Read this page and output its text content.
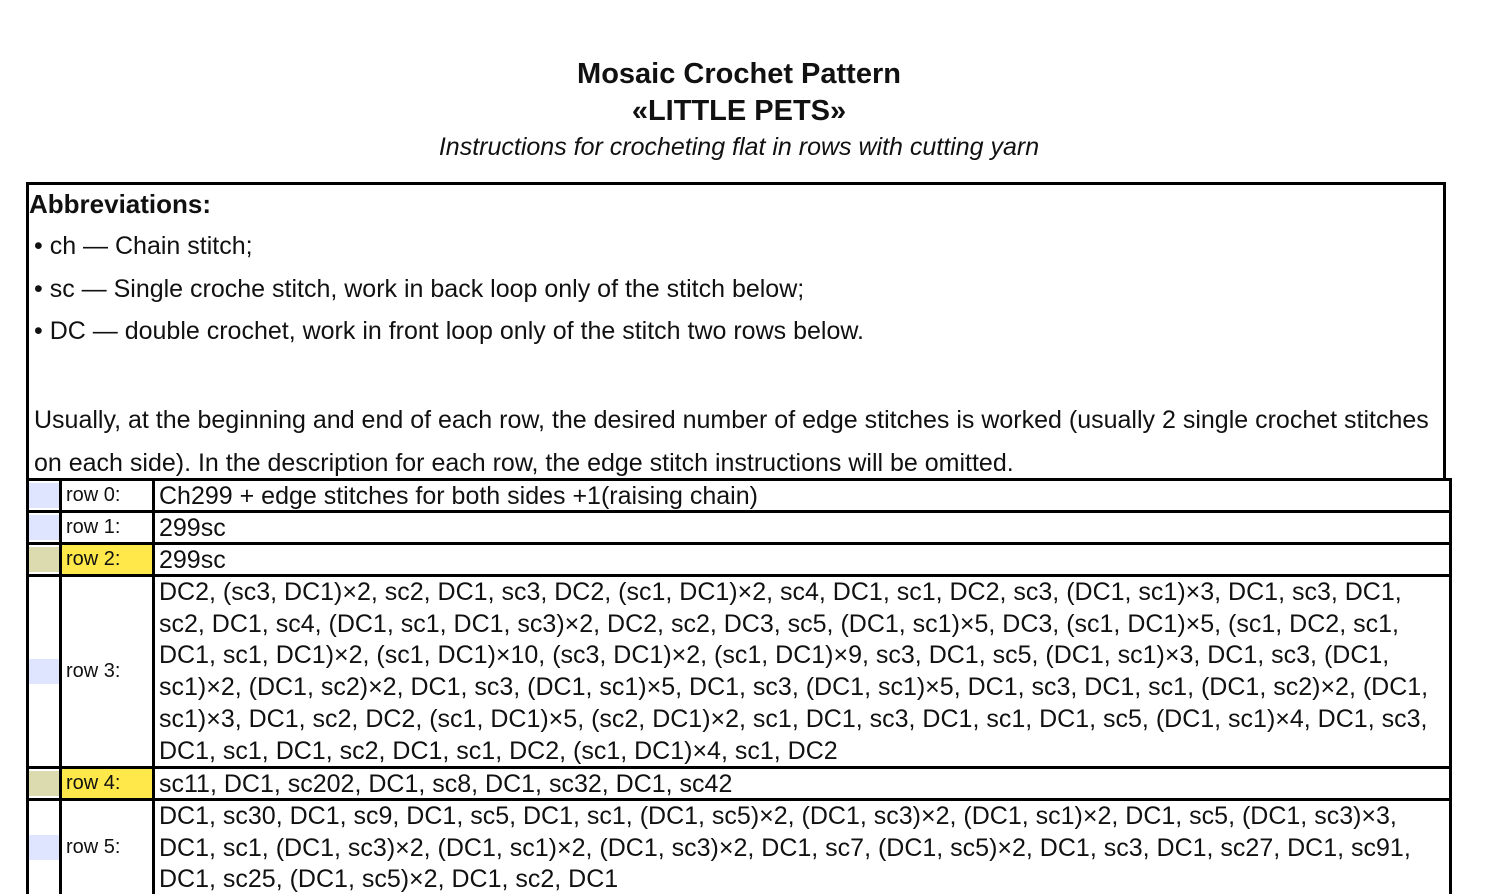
Mosaic Crochet Pattern
«LITTLE PETS»
Instructions for crocheting flat in rows with cutting yarn
Abbreviations:
• ch — Chain stitch;
• sc — Single croche stitch, work in back loop only of the stitch below;
• DC — double crochet, work in front loop only of the stitch two rows below.
Usually, at the beginning and end of each row, the desired number of edge stitches is worked (usually 2 single crochet stitches on each side). In the description for each row, the edge stitch instructions will be omitted.
row 0:	Ch299 + edge stitches for both sides +1(raising chain)
row 1:	299sc
row 2:	299sc
row 3:
DC2, (sc3, DC1)×2, sc2, DC1, sc3, DC2, (sc1, DC1)×2, sc4, DC1, sc1, DC2, sc3, (DC1, sc1)×3, DC1, sc3, DC1, sc2, DC1, sc4, (DC1, sc1, DC1, sc3)×2, DC2, sc2, DC3, sc5, (DC1, sc1)×5, DC3, (sc1, DC1)×5, (sc1, DC2, sc1, DC1, sc1, DC1)×2, (sc1, DC1)×10, (sc3, DC1)×2, (sc1, DC1)×9, sc3, DC1, sc5, (DC1, sc1)×3, DC1, sc3, (DC1, sc1)×2, (DC1, sc2)×2, DC1, sc3, (DC1, sc1)×5, DC1, sc3, (DC1, sc1)×5, DC1, sc3, DC1, sc1, (DC1, sc2)×2, (DC1, sc1)×3, DC1, sc2, DC2, (sc1, DC1)×5, (sc2, DC1)×2, sc1, DC1, sc3, DC1, sc1, DC1, sc5, (DC1, sc1)×4, DC1, sc3, DC1, sc1, DC1, sc2, DC1, sc1, DC2, (sc1, DC1)×4, sc1, DC2
row 4:	sc11, DC1, sc202, DC1, sc8, DC1, sc32, DC1, sc42
row 5:
DC1, sc30, DC1, sc9, DC1, sc5, DC1, sc1, (DC1, sc5)×2, (DC1, sc3)×2, (DC1, sc1)×2, DC1, sc5, (DC1, sc3)×3, DC1, sc1, (DC1, sc3)×2, (DC1, sc1)×2, (DC1, sc3)×2, DC1, sc7, (DC1, sc5)×2, DC1, sc3, DC1, sc27, DC1, sc91, DC1, sc25, (DC1, sc5)×2, DC1, sc2, DC1
